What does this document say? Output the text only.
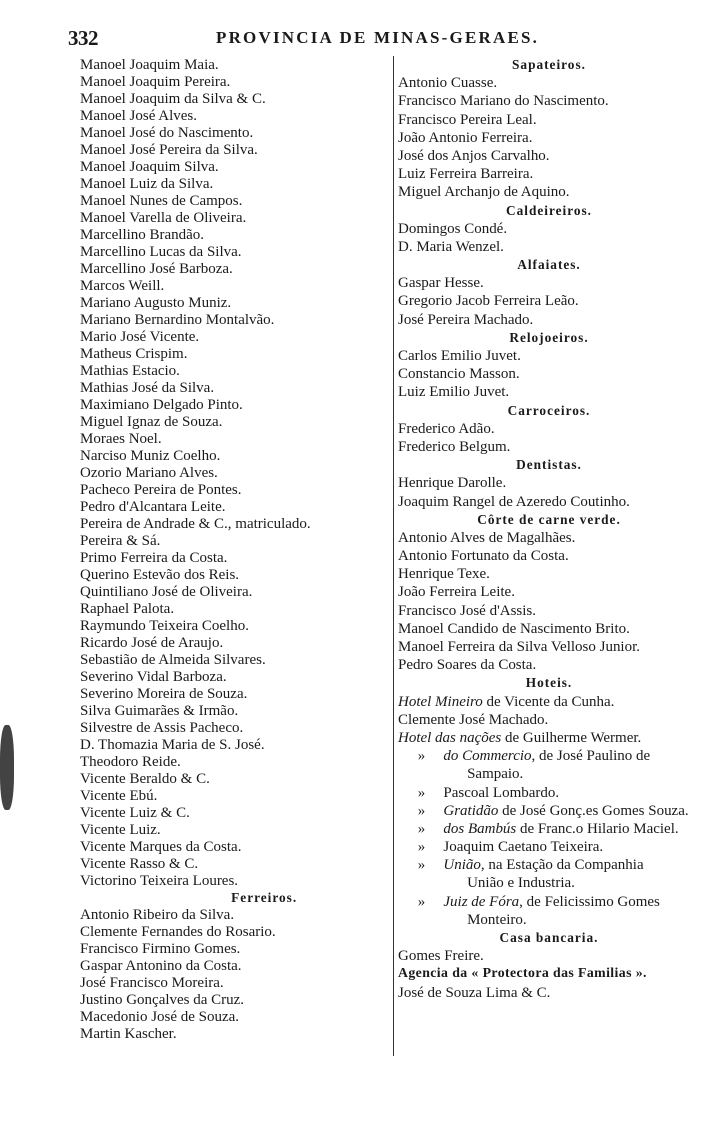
332	PROVINCIA DE MINAS-GERAES.
Manoel Joaquim Maia.
Manoel Joaquim Pereira.
Manoel Joaquim da Silva & C.
Manoel José Alves.
Manoel José do Nascimento.
Manoel José Pereira da Silva.
Manoel Joaquim Silva.
Manoel Luiz da Silva.
Manoel Nunes de Campos.
Manoel Varella de Oliveira.
Marcellino Brandão.
Marcellino Lucas da Silva.
Marcellino José Barboza.
Marcos Weill.
Mariano Augusto Muniz.
Mariano Bernardino Montalvão.
Mario José Vicente.
Matheus Crispim.
Mathias Estacio.
Mathias José da Silva.
Maximiano Delgado Pinto.
Miguel Ignaz de Souza.
Moraes Noel.
Narciso Muniz Coelho.
Ozorio Mariano Alves.
Pacheco Pereira de Pontes.
Pedro d'Alcantara Leite.
Pereira de Andrade & C., matriculado.
Pereira & Sá.
Primo Ferreira da Costa.
Querino Estevão dos Reis.
Quintiliano José de Oliveira.
Raphael Palota.
Raymundo Teixeira Coelho.
Ricardo José de Araujo.
Sebastião de Almeida Silvares.
Severino Vidal Barboza.
Severino Moreira de Souza.
Silva Guimarães & Irmão.
Silvestre de Assis Pacheco.
D. Thomazia Maria de S. José.
Theodoro Reide.
Vicente Beraldo & C.
Vicente Ebú.
Vicente Luiz & C.
Vicente Luiz.
Vicente Marques da Costa.
Vicente Rasso & C.
Victorino Teixeira Loures.
Ferreiros.
Antonio Ribeiro da Silva.
Clemente Fernandes do Rosario.
Francisco Firmino Gomes.
Gaspar Antonino da Costa.
José Francisco Moreira.
Justino Gonçalves da Cruz.
Macedonio José de Souza.
Martin Kascher.
Sapateiros.
Antonio Cuasse.
Francisco Mariano do Nascimento.
Francisco Pereira Leal.
João Antonio Ferreira.
José dos Anjos Carvalho.
Luiz Ferreira Barreira.
Miguel Archanjo de Aquino.
Caldeireiros.
Domingos Condé.
D. Maria Wenzel.
Alfaiates.
Gaspar Hesse.
Gregorio Jacob Ferreira Leão.
José Pereira Machado.
Relojoeiros.
Carlos Emilio Juvet.
Constancio Masson.
Luiz Emilio Juvet.
Carroceiros.
Frederico Adão.
Frederico Belgum.
Dentistas.
Henrique Darolle.
Joaquim Rangel de Azeredo Coutinho.
Côrte de carne verde.
Antonio Alves de Magalhães.
Antonio Fortunato da Costa.
Henrique Texe.
João Ferreira Leite.
Francisco José d'Assis.
Manoel Candido de Nascimento Brito.
Manoel Ferreira da Silva Velloso Junior.
Pedro Soares da Costa.
Hoteis.
Hotel Mineiro de Vicente da Cunha.
Clemente José Machado.
Hotel das nações de Guilherme Wermer.
» do Commercio, de José Paulino de
Sampaio.
» Pascoal Lombardo.
» Gratidão de José Gonç.es Gomes Souza.
» dos Bambús de Franc.o Hilario Maciel.
» Joaquim Caetano Teixeira.
» União, na Estação da Companhia
União e Industria.
» Juiz de Fóra, de Felicissimo Gomes
Monteiro.
Casa bancaria.
Gomes Freire.
Agencia da « Protectora das Familias ».
José de Souza Lima & C.
